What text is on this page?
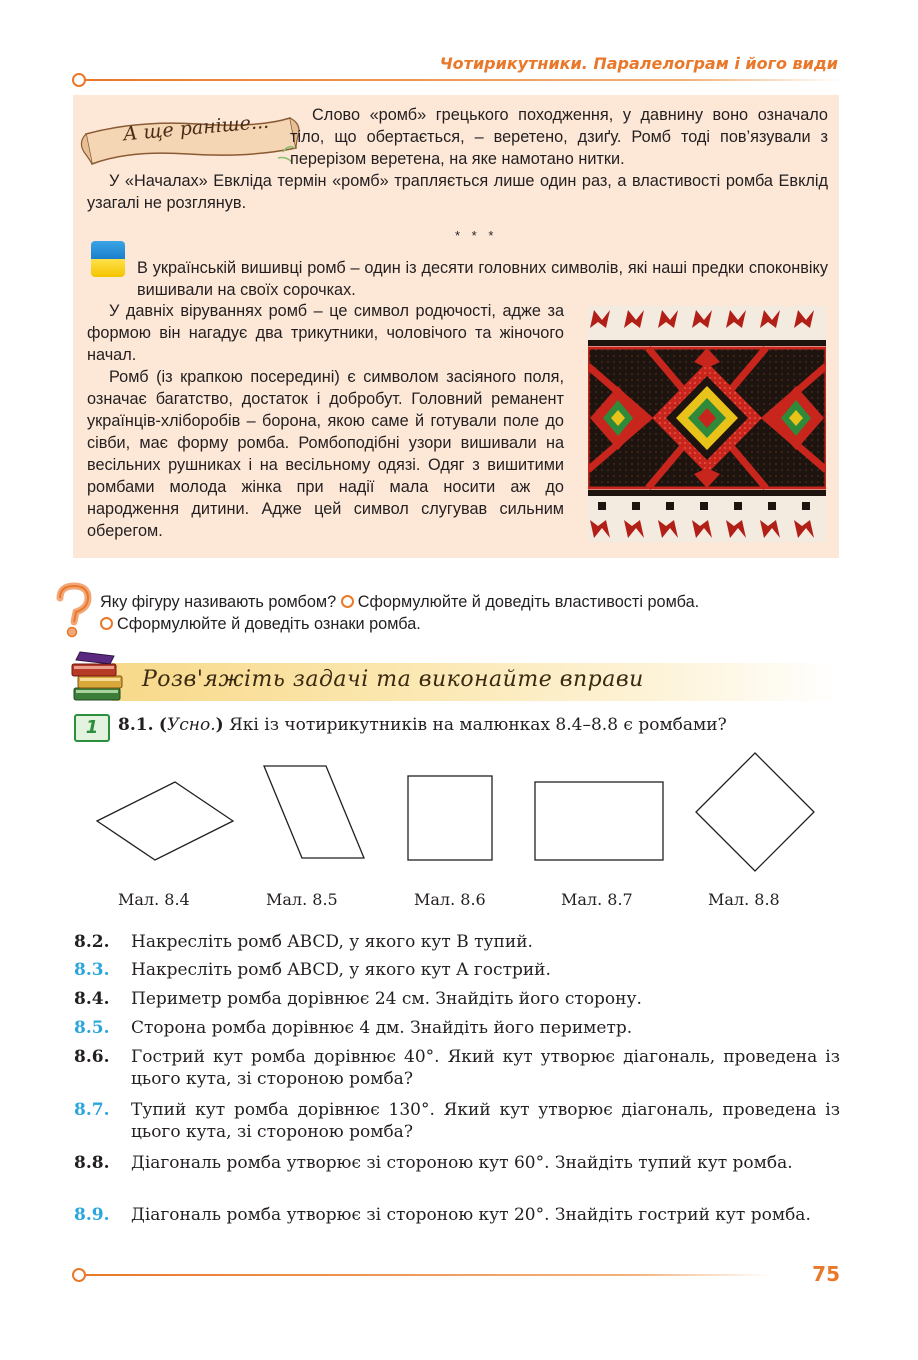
Чотирикутники. Паралелограм і його види
А ще раніше...	Слово «ромб» грецького походження, у давнину воно означало тіло, що обертається, – веретено, дзиґу. Ромб тоді пов’язували з перерізом веретена, на яке намотано нитки.

У «Началах» Евкліда термін «ромб» трапляється лише один раз, а властивості ромба Евклід узагалі не розглянув.

* * *

В українській вишивці ромб – один із десяти головних символів, які наші предки споконвіку вишивали на своїх сорочках.

У давніх віруваннях ромб – це символ родючості, адже за формою він нагадує два трикутники, чоловічого та жіночого начал.

Ромб (із крапкою посередині) є символом засіяного поля, означає багатство, достаток і добробут. Головний реманент українців-хліборобів – борона, якою саме й готували поле до сівби, має форму ромба. Ромбоподібні узори вишивали на весільних рушниках і на весільному одязі. Одяг з вишитими ромбами молода жінка при надії мала носити аж до народження дитини. Адже цей символ слугував сильним оберегом.

Яку фігуру називають ромбом? Сформулюйте й доведіть властивості ромба.
Сформулюйте й доведіть ознаки ромба.
Розв'яжіть задачі та виконайте вправи
1	8.1. (Усно.) Які із чотирикутників на малюнках 8.4–8.8 є ромбами?
Мал. 8.4	Мал. 8.5	Мал. 8.6	Мал. 8.7	Мал. 8.8
8.2. Накресліть ромб ABCD, у якого кут B тупий.
8.3. Накресліть ромб ABCD, у якого кут A гострий.
8.4. Периметр ромба дорівнює 24 см. Знайдіть його сторону.
8.5. Сторона ромба дорівнює 4 дм. Знайдіть його периметр.
8.6. Гострий кут ромба дорівнює 40°. Який кут утворює діагональ, проведена із цього кута, зі стороною ромба?
8.7. Тупий кут ромба дорівнює 130°. Який кут утворює діагональ, проведена із цього кута, зі стороною ромба?
8.8. Діагональ ромба утворює зі стороною кут 60°. Знайдіть тупий кут ромба.
8.9. Діагональ ромба утворює зі стороною кут 20°. Знайдіть гострий кут ромба.
75
